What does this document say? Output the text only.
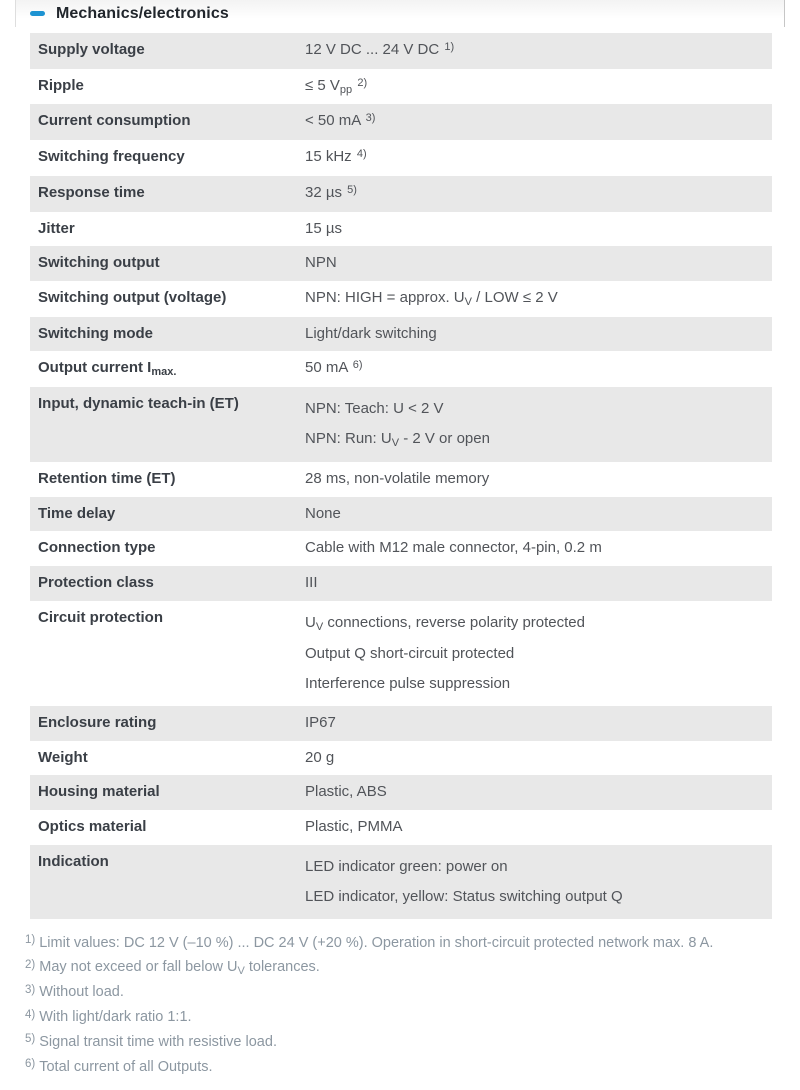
Mechanics/electronics
Supply voltage	12 V DC ... 24 V DC $^{1)}$
Ripple	≤ 5 $V_{pp}$ $^{2)}$
Current consumption	< 50 mA $^{3)}$
Switching frequency	15 kHz $^{4)}$
Response time	32 µs $^{5)}$
Jitter	15 µs
Switching output	NPN
Switching output (voltage)	NPN: HIGH = approx. $U_V$ / LOW ≤ 2 V
Switching mode	Light/dark switching
Output current $I_{max.}$	50 mA $^{6)}$
Input, dynamic teach-in (ET)	NPN: Teach: U < 2 V
NPN: Run: $U_V - 2$ V or open
Retention time (ET)	28 ms, non-volatile memory
Time delay	None
Connection type	Cable with M12 male connector, 4-pin, 0.2 m
Protection class	III
Circuit protection	$U_V$ connections, reverse polarity protected
Output Q short-circuit protected
Interference pulse suppression
Enclosure rating	IP67
Weight	20 g
Housing material	Plastic, ABS
Optics material	Plastic, PMMA
Indication	LED indicator green: power on
LED indicator, yellow: Status switching output Q
$^{1)}$ Limit values: DC 12 V (–10 %) ... DC 24 V (+20 %). Operation in short-circuit protected network max. 8 A.
$^{2)}$ May not exceed or fall below $U_V$ tolerances.
$^{3)}$ Without load.
$^{4)}$ With light/dark ratio 1:1.
$^{5)}$ Signal transit time with resistive load.
$^{6)}$ Total current of all Outputs.
